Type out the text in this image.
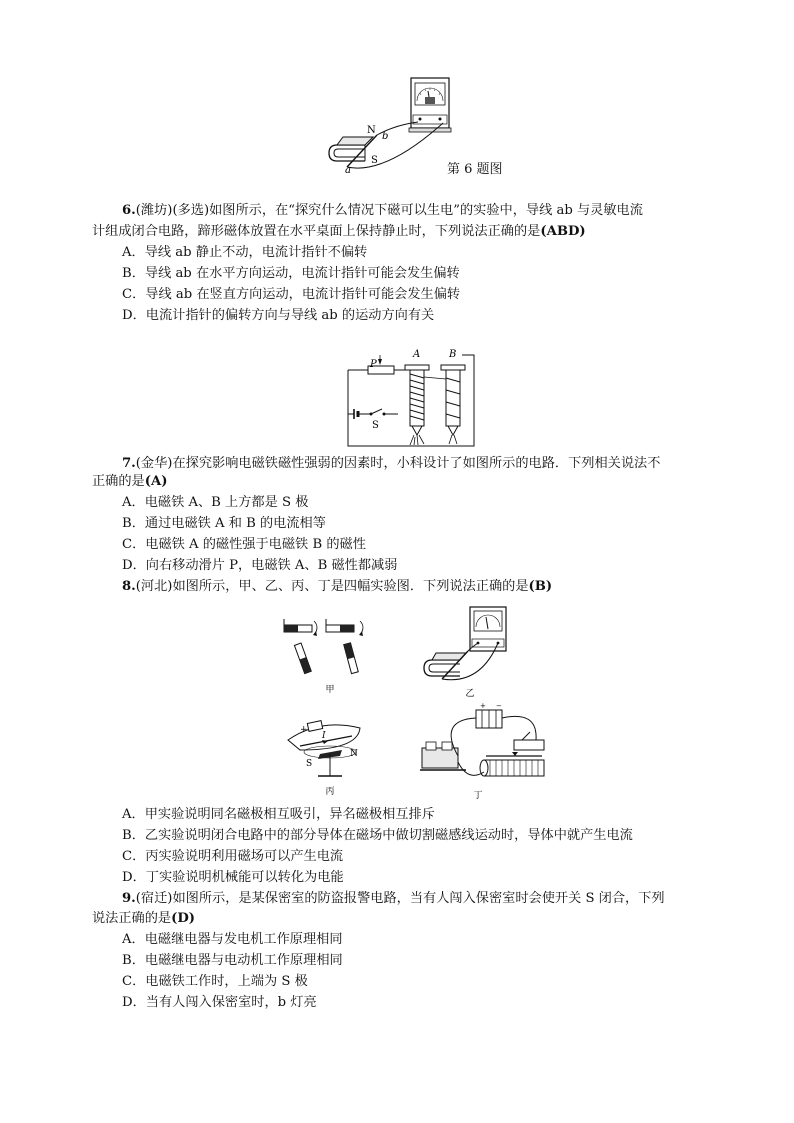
N
S
a
b
第 6 题图
6.(潍坊)(多选)如图所示，在“探究什么情况下磁可以生电”的实验中，导线 ab 与灵敏电流
计组成闭合电路，蹄形磁体放置在水平桌面上保持静止时，下列说法正确的是(ABD)
A．导线 ab 静止不动，电流计指针不偏转
B．导线 ab 在水平方向运动，电流计指针可能会发生偏转
C．导线 ab 在竖直方向运动，电流计指针可能会发生偏转
D．电流计指针的偏转方向与导线 ab 的运动方向有关
P
A	B
S
7.(金华)在探究影响电磁铁磁性强弱的因素时，小科设计了如图所示的电路．下列相关说法不
正确的是(A)
A．电磁铁 A、B 上方都是 S 极
B．通过电磁铁 A 和 B 的电流相等
C．电磁铁 A 的磁性强于电磁铁 B 的磁性
D．向右移动滑片 P，电磁铁 A、B 磁性都减弱
8.(河北)如图所示，甲、乙、丙、丁是四幅实验图．下列说法正确的是(B)
甲	乙
+
I
N
S
丙
+ −
丁
A．甲实验说明同名磁极相互吸引，异名磁极相互排斥
B．乙实验说明闭合电路中的部分导体在磁场中做切割磁感线运动时，导体中就产生电流
C．丙实验说明利用磁场可以产生电流
D．丁实验说明机械能可以转化为电能
9.(宿迁)如图所示，是某保密室的防盗报警电路，当有人闯入保密室时会使开关 S 闭合，下列
说法正确的是(D)
A．电磁继电器与发电机工作原理相同
B．电磁继电器与电动机工作原理相同
C．电磁铁工作时，上端为 S 极
D．当有人闯入保密室时，b 灯亮
